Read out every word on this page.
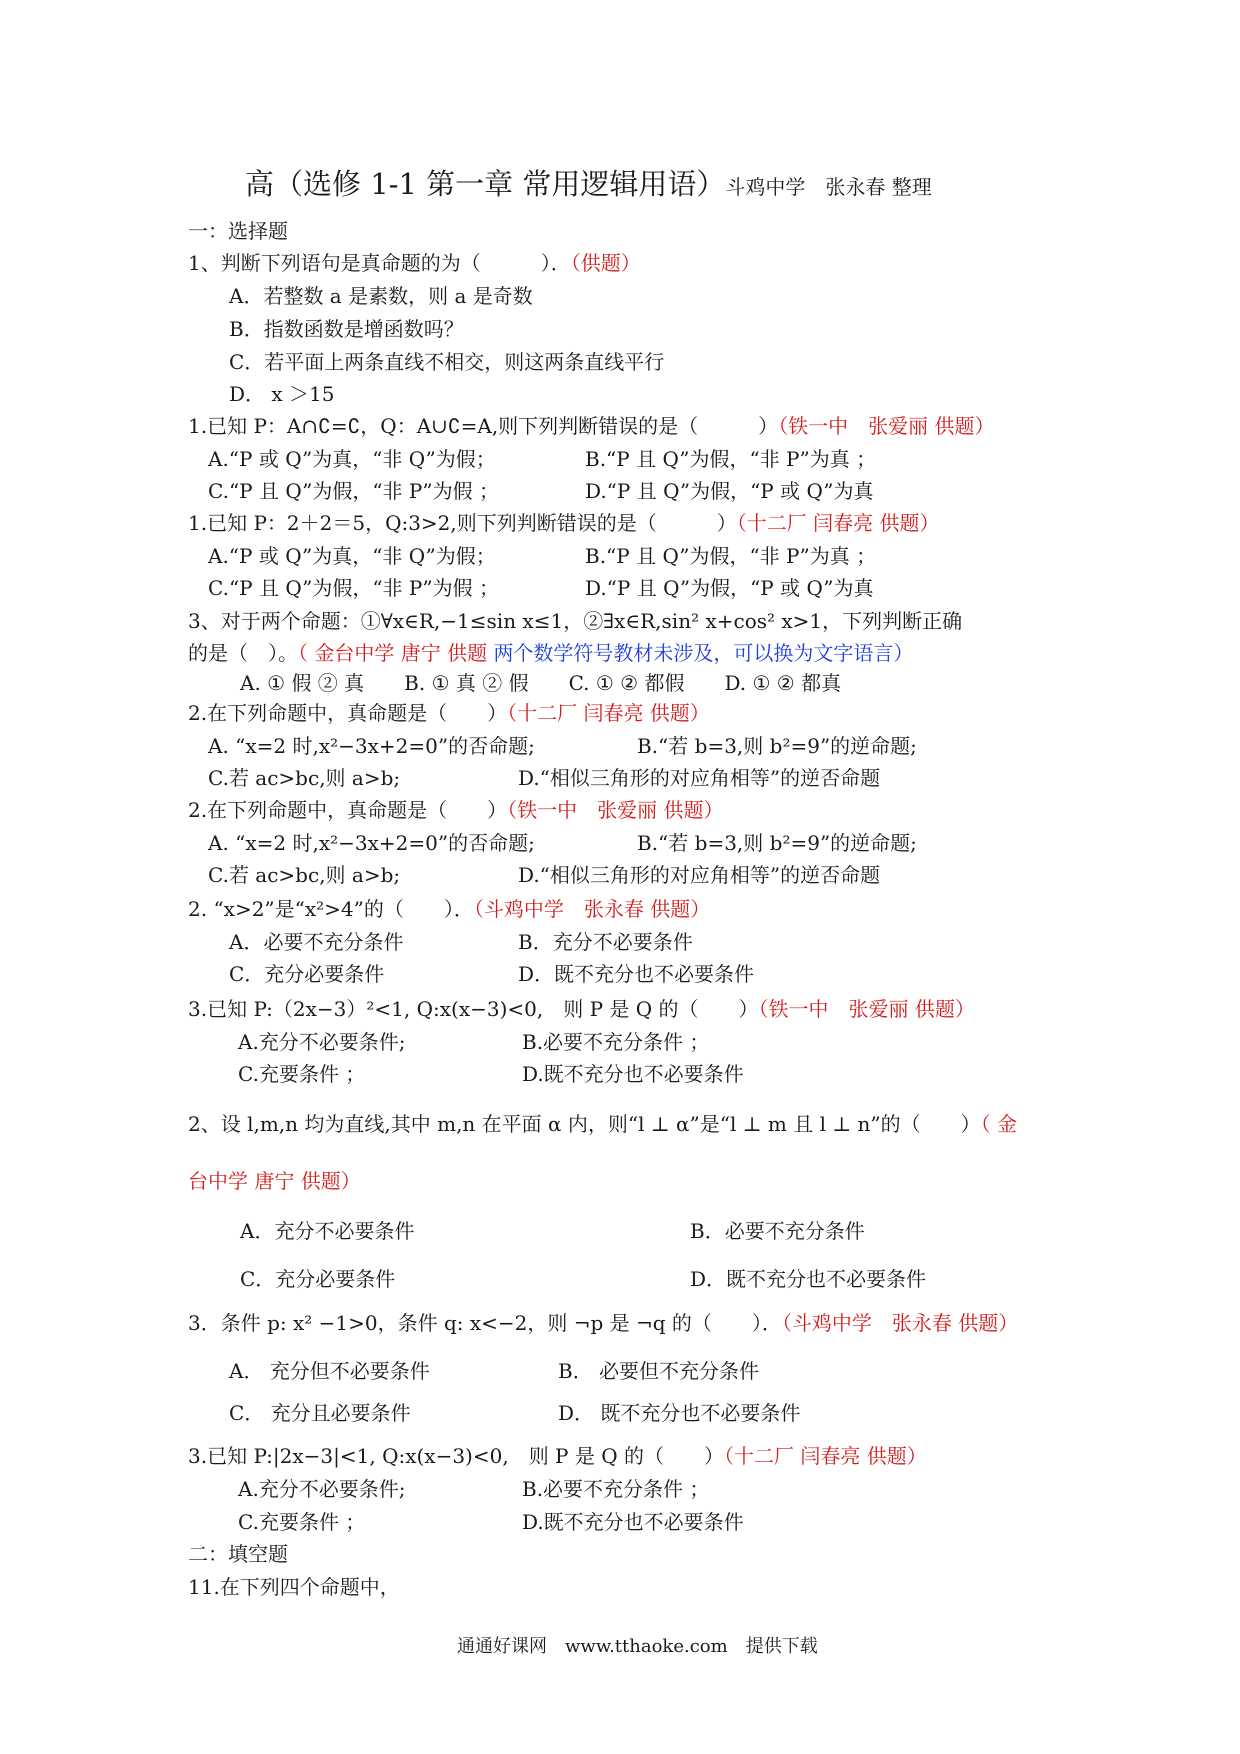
高（选修 1-1 第一章 常用逻辑用语）斗鸡中学　张永春 整理
一：选择题
1、判断下列语句是真命题的为（　　　）．（供题）
A．若整数 a 是素数，则 a 是奇数
B．指数函数是增函数吗？
C．若平面上两条直线不相交，则这两条直线平行
D． x ＞15
1.已知 P：A∩∁=∁，Q：A∪∁=A,则下列判断错误的是（　　　）（铁一中　张爱丽 供题）
A.“P 或 Q”为真，“非 Q”为假；	B.“P 且 Q”为假，“非 P”为真 ；
C.“P 且 Q”为假，“非 P”为假 ；	D.“P 且 Q”为假，“P 或 Q”为真
1.已知 P：2＋2＝5，Q:3>2,则下列判断错误的是（　　　）（十二厂 闫春亮 供题）
A.“P 或 Q”为真，“非 Q”为假；	B.“P 且 Q”为假，“非 P”为真 ；
C.“P 且 Q”为假，“非 P”为假 ；	D.“P 且 Q”为假，“P 或 Q”为真
3、对于两个命题：①∀x∈R,−1≤sin x≤1，②∃x∈R,sin² x+cos² x>1，下列判断正确
的是（　）。（ 金台中学 唐宁 供题 两个数学符号教材未涉及，可以换为文字语言）
A. ① 假 ② 真　　B. ① 真 ② 假　　C. ① ② 都假　　D. ① ② 都真
2.在下列命题中，真命题是（　　）（十二厂 闫春亮 供题）
A. “x=2 时,x²−3x+2=0”的否命题;	B.“若 b=3,则 b²=9”的逆命题;
C.若 ac>bc,则 a>b;	D.“相似三角形的对应角相等”的逆否命题
2.在下列命题中，真命题是（　　）（铁一中　张爱丽 供题）
A. “x=2 时,x²−3x+2=0”的否命题;	B.“若 b=3,则 b²=9”的逆命题;
C.若 ac>bc,则 a>b;	D.“相似三角形的对应角相等”的逆否命题
2. “x>2”是“x²>4”的（　　）．（斗鸡中学　张永春 供题）
A．必要不充分条件	B．充分不必要条件
C．充分必要条件	D．既不充分也不必要条件
3.已知 P:（2x−3）²<1, Q:x(x−3)<0,　则 P 是 Q 的（　　）（铁一中　张爱丽 供题）
A.充分不必要条件;	B.必要不充分条件 ；
C.充要条件 ；	D.既不充分也不必要条件
2、设 l,m,n 均为直线,其中 m,n 在平面 α 内，则“l ⊥ α”是“l ⊥ m 且 l ⊥ n”的（　　）（ 金
台中学 唐宁 供题）
A．充分不必要条件	B．必要不充分条件
C．充分必要条件	D．既不充分也不必要条件
3．条件 p: x² −1>0，条件 q: x<−2，则 ¬p 是 ¬q 的（　　）．（斗鸡中学　张永春 供题）
A． 充分但不必要条件	B． 必要但不充分条件
C． 充分且必要条件	D． 既不充分也不必要条件
3.已知 P:|2x−3|<1, Q:x(x−3)<0,　则 P 是 Q 的（　　）（十二厂 闫春亮 供题）
A.充分不必要条件;	B.必要不充分条件 ；
C.充要条件 ；	D.既不充分也不必要条件
二：填空题
11.在下列四个命题中，
通通好课网　www.tthaoke.com　提供下载
